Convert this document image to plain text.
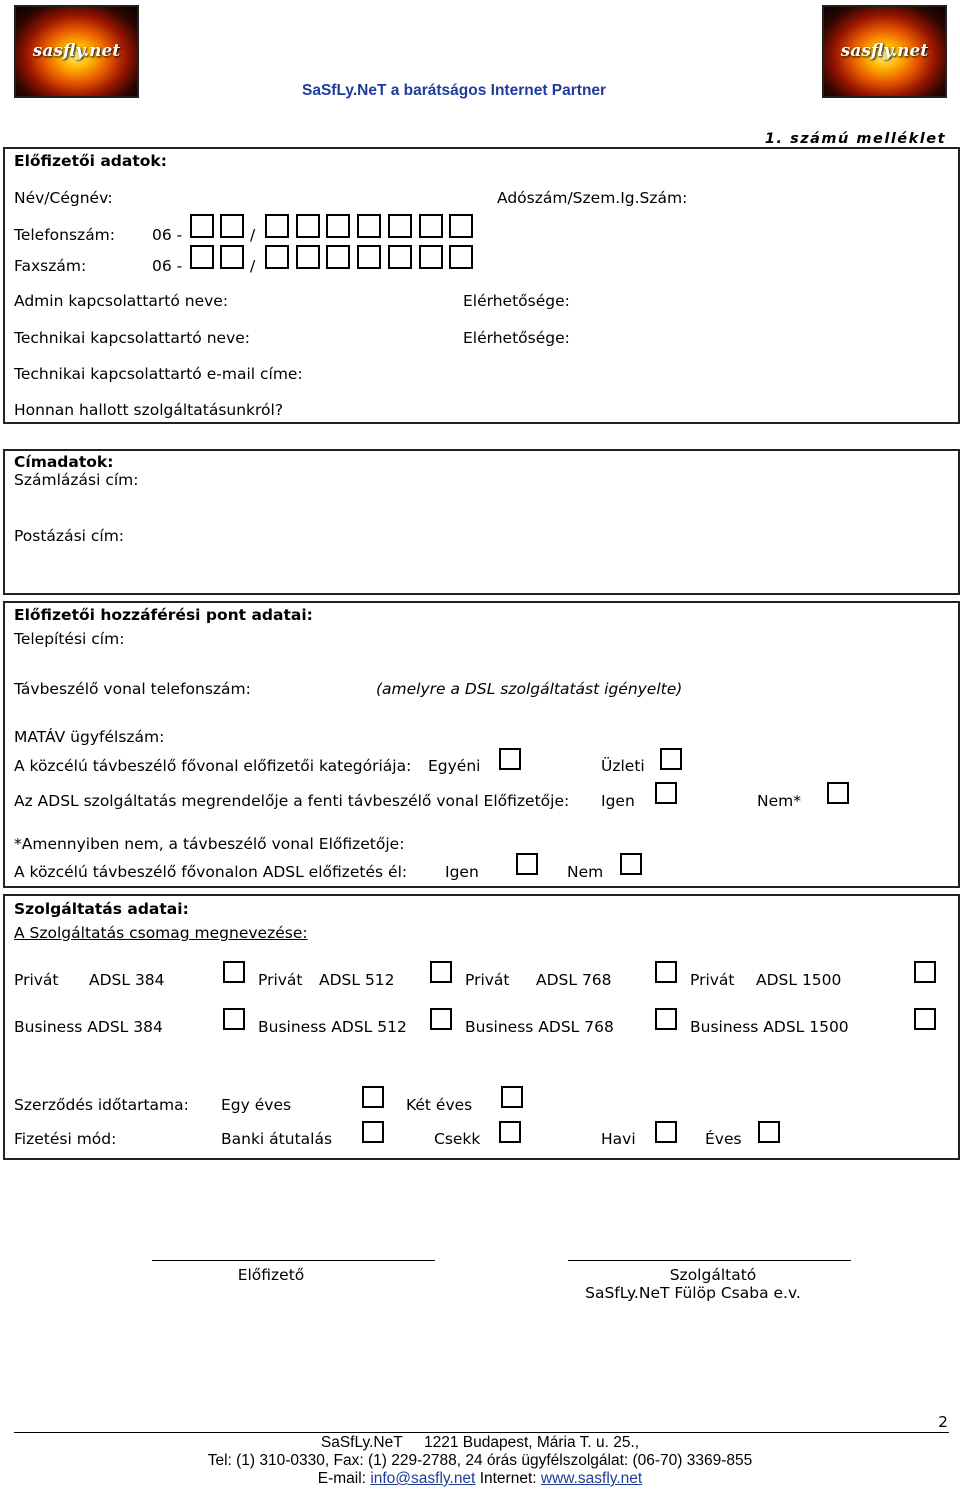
sasfly.net	sasfly.net
SaSfLy.NeT a barátságos Internet Partner
1. számú melléklet
Előfizetői adatok:
Név/Cégnév:	Adószám/Szem.Ig.Szám:
Telefonszám: 06 -	/
Faxszám:	06 -	/
Admin kapcsolattartó neve:	Elérhetősége:
Technikai kapcsolattartó neve:	Elérhetősége:
Technikai kapcsolattartó e-mail címe:
Honnan hallott szolgáltatásunkról?
Címadatok:
Számlázási cím:
Postázási cím:
Előfizetői hozzáférési pont adatai:
Telepítési cím:
Távbeszélő vonal telefonszám:	(amelyre a DSL szolgáltatást igényelte)
MATÁV ügyfélszám:
A közcélú távbeszélő fővonal előfizetői kategóriája: Egyéni	Üzleti
Az ADSL szolgáltatás megrendelője a fenti távbeszélő vonal Előfizetője: Igen	Nem*
*Amennyiben nem, a távbeszélő vonal Előfizetője:
A közcélú távbeszélő fővonalon ADSL előfizetés él: Igen	Nem
Szolgáltatás adatai:
A Szolgáltatás csomag megnevezése:
Privát ADSL 384	Privát ADSL 512	Privát ADSL 768	Privát ADSL 1500
Business ADSL 384	Business ADSL 512	Business ADSL 768	Business ADSL 1500
Szerződés időtartama: Egy éves	Két éves
Fizetési mód:	Banki átutalás	Csekk	Havi	Éves
Előfizető	Szolgáltató
SaSfLy.NeT Fülöp Csaba e.v.
2
SaSfLy.NeT     1221 Budapest, Mária T. u. 25.,
Tel: (1) 310-0330, Fax: (1) 229-2788, 24 órás ügyfélszolgálat: (06-70) 3369-855
E-mail: info@sasfly.net Internet: www.sasfly.net
